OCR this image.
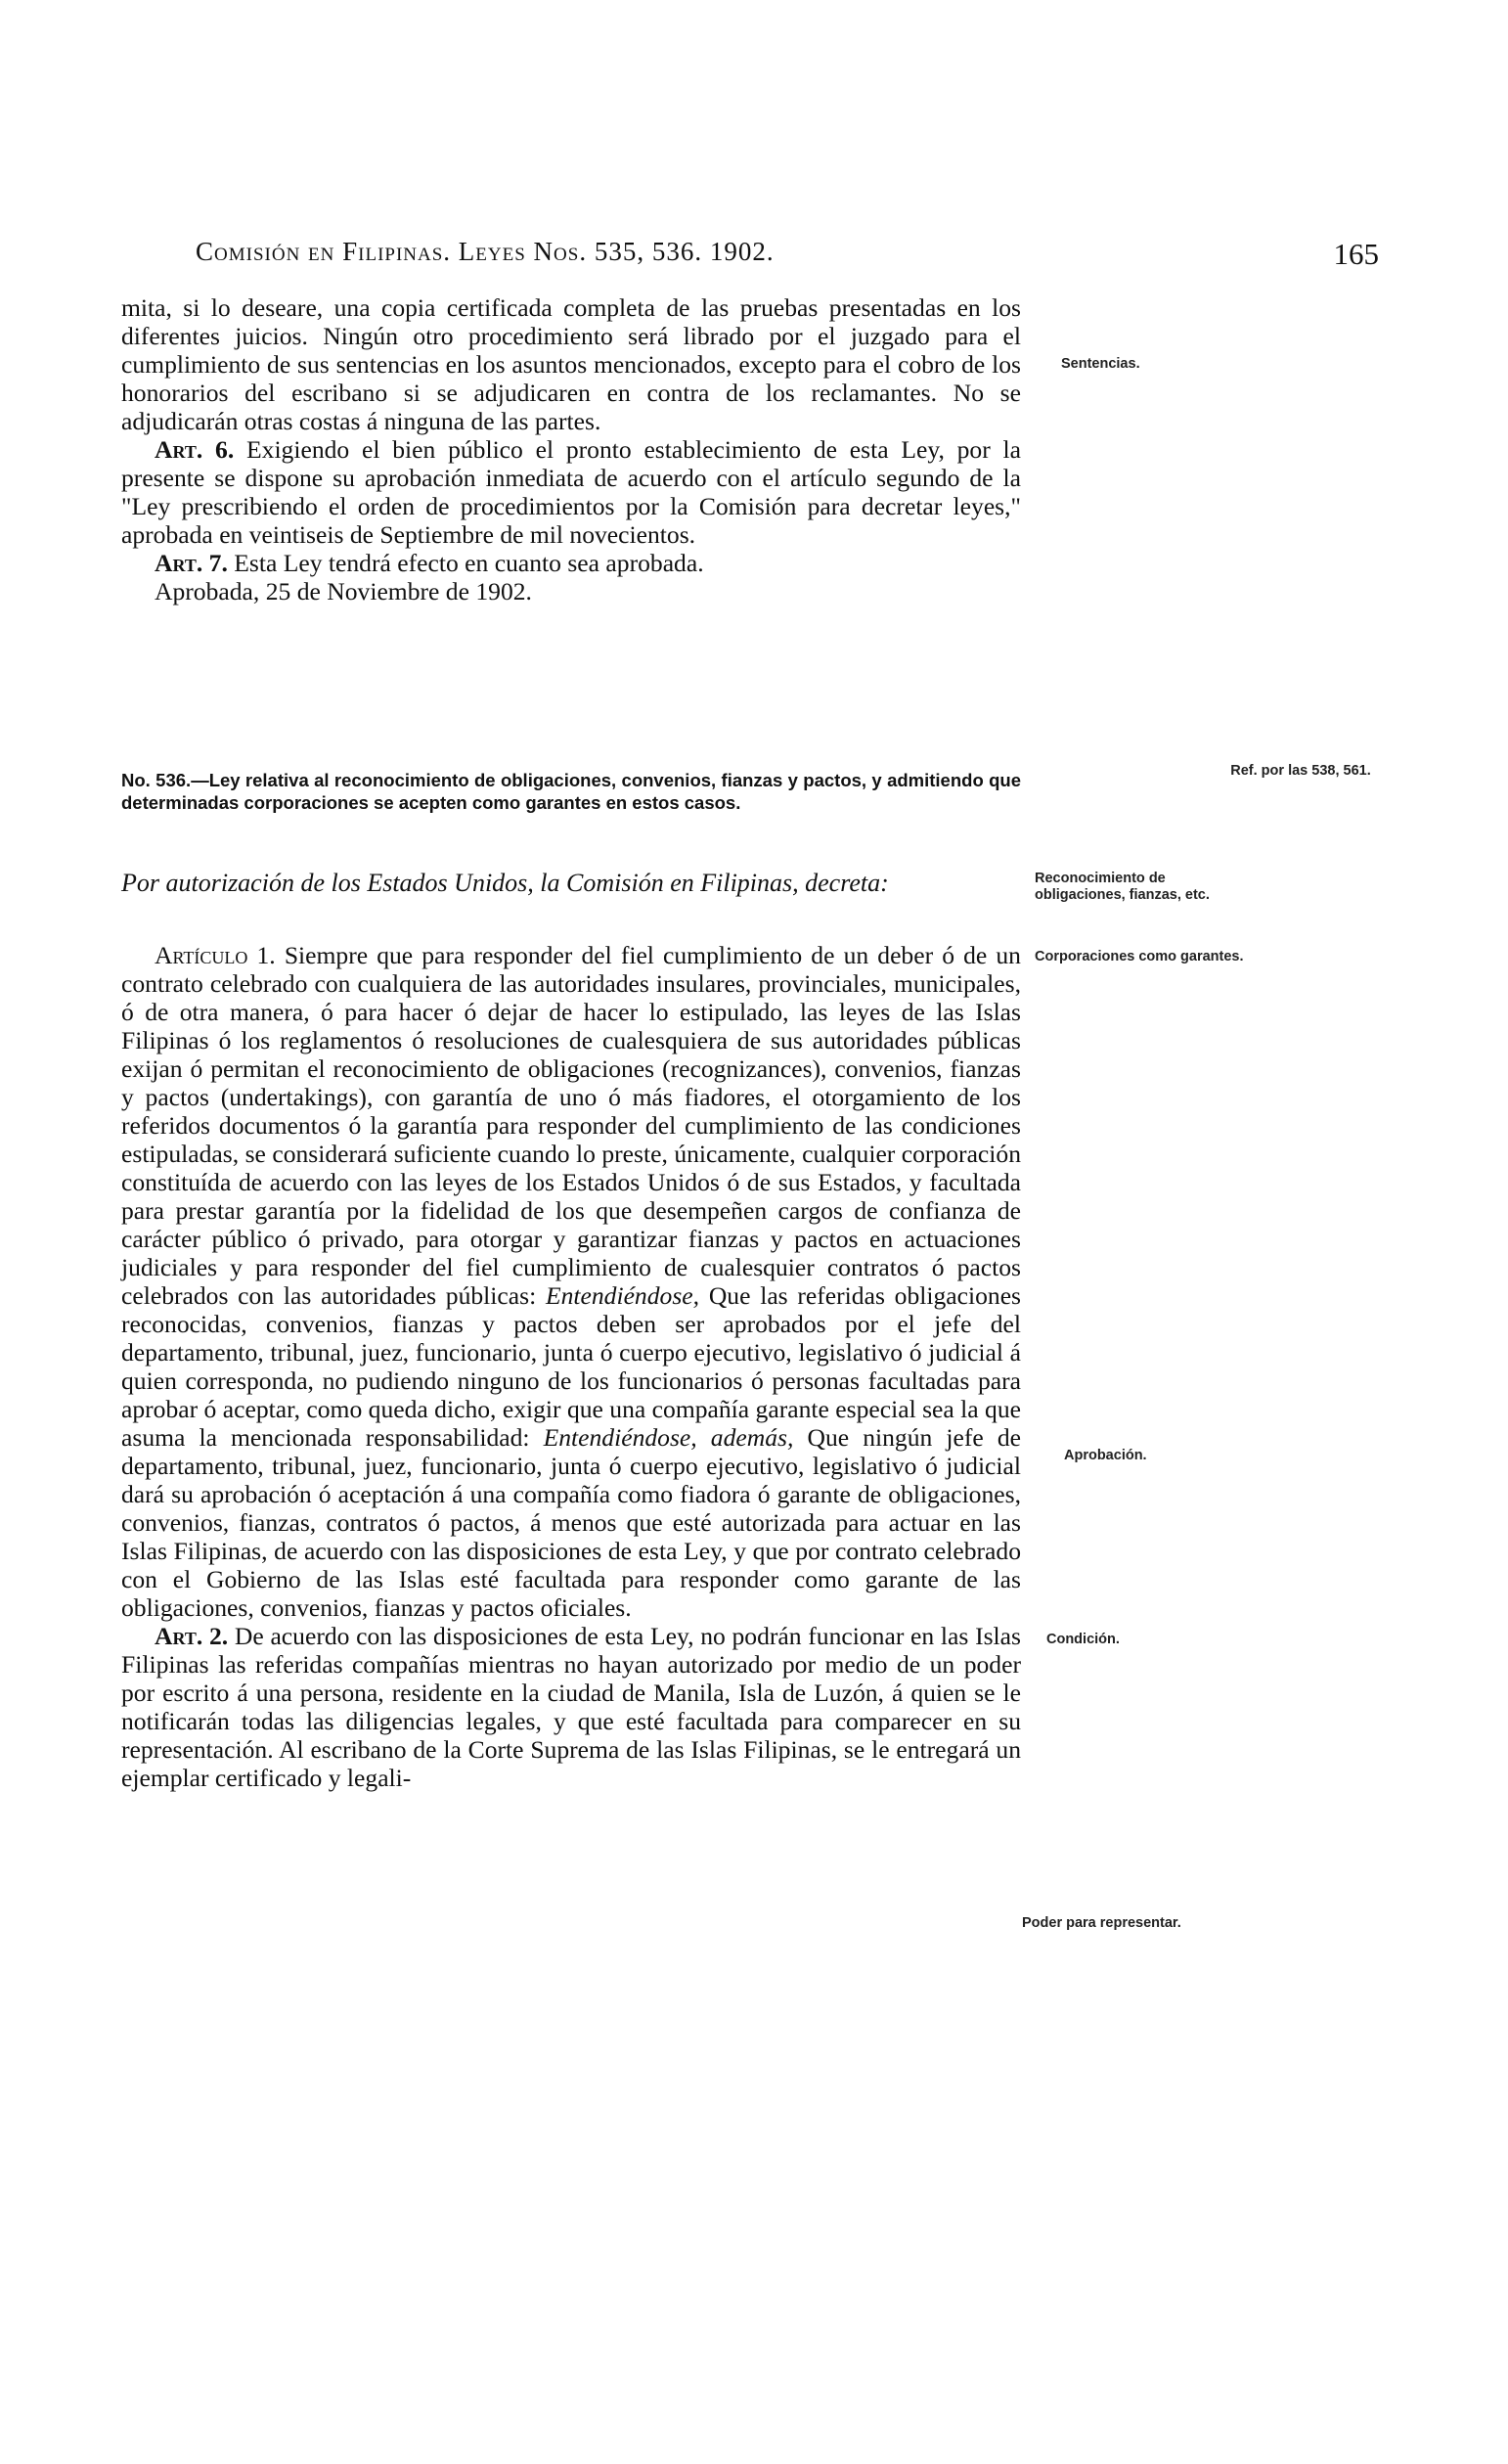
Comisión en Filipinas. Leyes Nos. 535, 536. 1902.	165

mita, si lo deseare, una copia certificada completa de las pruebas presentadas en los diferentes juicios. Ningún otro procedimiento será librado por el juzgado para el cumplimiento de sus sentencias en los asuntos mencionados, excepto para el cobro de los honorarios del escribano si se adjudicaren en contra de los reclamantes. No se adjudicarán otras costas á ninguna de las partes.

Art. 6. Exigiendo el bien público el pronto establecimiento de esta Ley, por la presente se dispone su aprobación inmediata de acuerdo con el artículo segundo de la "Ley prescribiendo el orden de procedimientos por la Comisión para decretar leyes," aprobada en veintiseis de Septiembre de mil novecientos.

Art. 7. Esta Ley tendrá efecto en cuanto sea aprobada.

Aprobada, 25 de Noviembre de 1902.

No. 536.—Ley relativa al reconocimiento de obligaciones, convenios, fianzas y pactos, y admitiendo que determinadas corporaciones se acepten como garantes en estos casos.
Por autorización de los Estados Unidos, la Comisión en Filipinas, decreta:

Artículo 1. Siempre que para responder del fiel cumplimiento de un deber ó de un contrato celebrado con cualquiera de las autoridades insulares, provinciales, municipales, ó de otra manera, ó para hacer ó dejar de hacer lo estipulado, las leyes de las Islas Filipinas ó los reglamentos ó resoluciones de cualesquiera de sus autoridades públicas exijan ó permitan el reconocimiento de obligaciones (recognizances), convenios, fianzas y pactos (undertakings), con garantía de uno ó más fiadores, el otorgamiento de los referidos documentos ó la garantía para responder del cumplimiento de las condiciones estipuladas, se considerará suficiente cuando lo preste, únicamente, cualquier corporación constituída de acuerdo con las leyes de los Estados Unidos ó de sus Estados, y facultada para prestar garantía por la fidelidad de los que desempeñen cargos de confianza de carácter público ó privado, para otorgar y garantizar fianzas y pactos en actuaciones judiciales y para responder del fiel cumplimiento de cualesquier contratos ó pactos celebrados con las autoridades públicas: Entendiéndose, Que las referidas obligaciones reconocidas, convenios, fianzas y pactos deben ser aprobados por el jefe del departamento, tribunal, juez, funcionario, junta ó cuerpo ejecutivo, legislativo ó judicial á quien corresponda, no pudiendo ninguno de los funcionarios ó personas facultadas para aprobar ó aceptar, como queda dicho, exigir que una compañía garante especial sea la que asuma la mencionada responsabilidad: Entendiéndose, además, Que ningún jefe de departamento, tribunal, juez, funcionario, junta ó cuerpo ejecutivo, legislativo ó judicial dará su aprobación ó aceptación á una compañía como fiadora ó garante de obligaciones, convenios, fianzas, contratos ó pactos, á menos que esté autorizada para actuar en las Islas Filipinas, de acuerdo con las disposiciones de esta Ley, y que por contrato celebrado con el Gobierno de las Islas esté facultada para responder como garante de las obligaciones, convenios, fianzas y pactos oficiales.

Art. 2. De acuerdo con las disposiciones de esta Ley, no podrán funcionar en las Islas Filipinas las referidas compañías mientras no hayan autorizado por medio de un poder por escrito á una persona, residente en la ciudad de Manila, Isla de Luzón, á quien se le notificarán todas las diligencias legales, y que esté facultada para comparecer en su representación. Al escribano de la Corte Suprema de las Islas Filipinas, se le entregará un ejemplar certificado y legali-

Sentencias.
Ref. por las 538, 561.
Reconocimiento de obligaciones, fianzas, etc.
Corporaciones como garantes.
Aprobación.
Condición.
Poder para representar.
